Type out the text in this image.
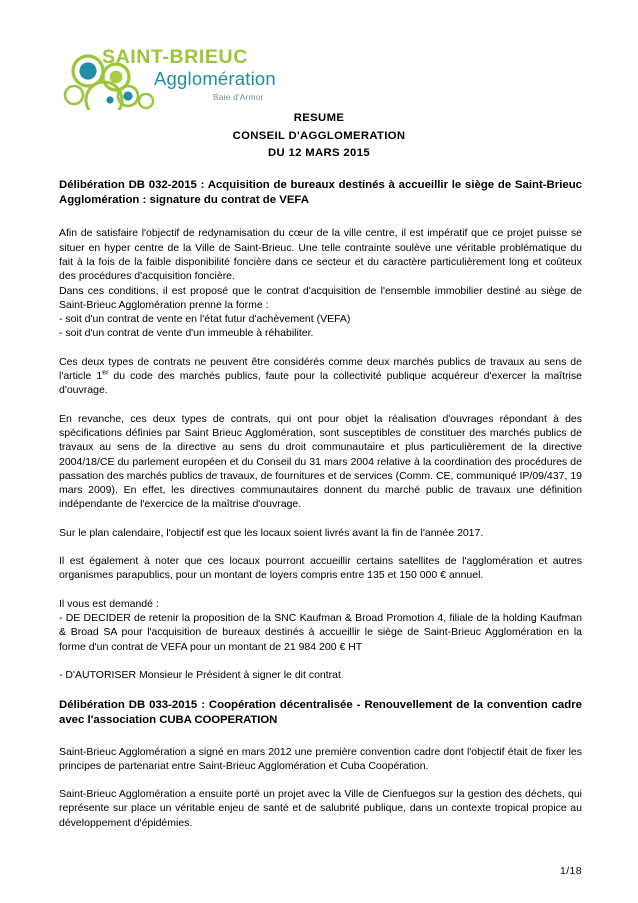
SAINT-BRIEUC
Agglomération
Baie d'Armor
RESUME
CONSEIL D'AGGLOMERATION
DU 12 MARS 2015

Délibération DB 032-2015 : Acquisition de bureaux destinés à accueillir le siège de Saint-Brieuc Agglomération : signature du contrat de VEFA

Afin de satisfaire l'objectif de redynamisation du cœur de la ville centre, il est impératif que ce projet puisse se situer en hyper centre de la Ville de Saint-Brieuc. Une telle contrainte soulève une véritable problématique du fait à la fois de la faible disponibilité foncière dans ce secteur et du caractère particulièrement long et coûteux des procédures d'acquisition foncière.

Dans ces conditions, il est proposé que le contrat d'acquisition de l'ensemble immobilier destiné au siège de Saint-Brieuc Agglomération prenne la forme :

- soit d'un contrat de vente en l'état futur d'achèvement (VEFA)

- soit d'un contrat de vente d'un immeuble à réhabiliter.

Ces deux types de contrats ne peuvent être considérés comme deux marchés publics de travaux au sens de l'article 1er du code des marchés publics, faute pour la collectivité publique acquéreur d'exercer la maîtrise d'ouvrage.

En revanche, ces deux types de contrats, qui ont pour objet la réalisation d'ouvrages répondant à des spécifications définies par Saint Brieuc Agglomération, sont susceptibles de constituer des marchés publics de travaux au sens de la directive au sens du droit communautaire et plus particulièrement de la directive 2004/18/CE du parlement européen et du Conseil du 31 mars 2004 relative à la coordination des procédures de passation des marchés publics de travaux, de fournitures et de services (Comm. CE, communiqué IP/09/437, 19 mars 2009). En effet, les directives communautaires donnent du marché public de travaux une définition indépendante de l'exercice de la maîtrise d'ouvrage.

Sur le plan calendaire, l'objectif est que les locaux soient livrés avant la fin de l'année 2017.

Il est également à noter que ces locaux pourront accueillir certains satellites de l'agglomération et autres organismes parapublics, pour un montant de loyers compris entre 135 et 150 000 € annuel.

Il vous est demandé :

- DE DECIDER de retenir la proposition de la SNC Kaufman & Broad Promotion 4, filiale de la holding Kaufman & Broad SA pour l'acquisition de bureaux destinés à accueillir le siège de Saint-Brieuc Agglomération en la forme d'un contrat de VEFA pour un montant de 21 984 200 € HT

- D'AUTORISER Monsieur le Président à signer le dit contrat

Délibération DB 033-2015 : Coopération décentralisée - Renouvellement de la convention cadre avec l'association CUBA COOPERATION

Saint-Brieuc Agglomération a signé en mars 2012 une première convention cadre dont l'objectif était de fixer les principes de partenariat entre Saint-Brieuc Agglomération et Cuba Coopération.

Saint-Brieuc Agglomération a ensuite porté un projet avec la Ville de Cienfuegos sur la gestion des déchets, qui représente sur place un véritable enjeu de santé et de salubrité publique, dans un contexte tropical propice au développement d'épidémies.

1/18
